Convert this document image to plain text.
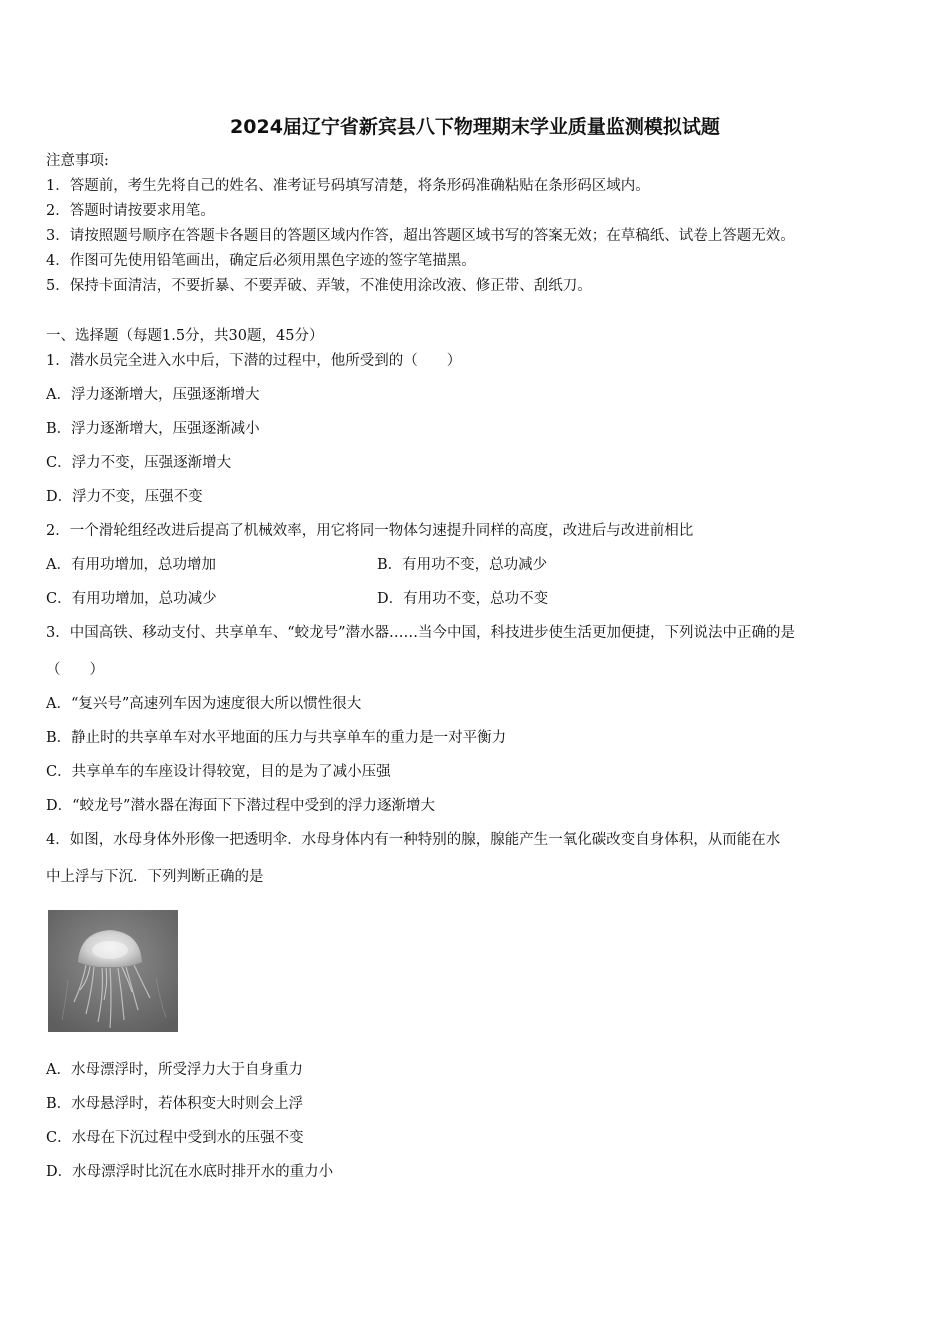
2024届辽宁省新宾县八下物理期末学业质量监测模拟试题
注意事项:
1．答题前，考生先将自己的姓名、准考证号码填写清楚，将条形码准确粘贴在条形码区域内。
2．答题时请按要求用笔。
3．请按照题号顺序在答题卡各题目的答题区域内作答，超出答题区域书写的答案无效；在草稿纸、试卷上答题无效。
4．作图可先使用铅笔画出，确定后必须用黑色字迹的签字笔描黑。
5．保持卡面清洁，不要折暴、不要弄破、弄皱，不准使用涂改液、修正带、刮纸刀。
一、选择题（每题1.5分，共30题，45分）
1．潜水员完全进入水中后，下潜的过程中，他所受到的（　　）
A．浮力逐渐增大，压强逐渐增大
B．浮力逐渐增大，压强逐渐减小
C．浮力不变，压强逐渐增大
D．浮力不变，压强不变
2．一个滑轮组经改进后提高了机械效率，用它将同一物体匀速提升同样的高度，改进后与改进前相比
A．有用功增加，总功增加	B．有用功不变，总功减少
C．有用功增加，总功减少	D．有用功不变，总功不变
3．中国高铁、移动支付、共享单车、“蛟龙号”潜水器……当今中国，科技进步使生活更加便捷，下列说法中正确的是
（　　）
A．“复兴号”高速列车因为速度很大所以惯性很大
B．静止时的共享单车对水平地面的压力与共享单车的重力是一对平衡力
C．共享单车的车座设计得较宽，目的是为了减小压强
D．“蛟龙号”潜水器在海面下下潜过程中受到的浮力逐渐增大
4．如图，水母身体外形像一把透明伞．水母身体内有一种特别的腺，腺能产生一氧化碳改变自身体积，从而能在水
中上浮与下沉．下列判断正确的是
A．水母漂浮时，所受浮力大于自身重力
B．水母悬浮时，若体积变大时则会上浮
C．水母在下沉过程中受到水的压强不变
D．水母漂浮时比沉在水底时排开水的重力小
